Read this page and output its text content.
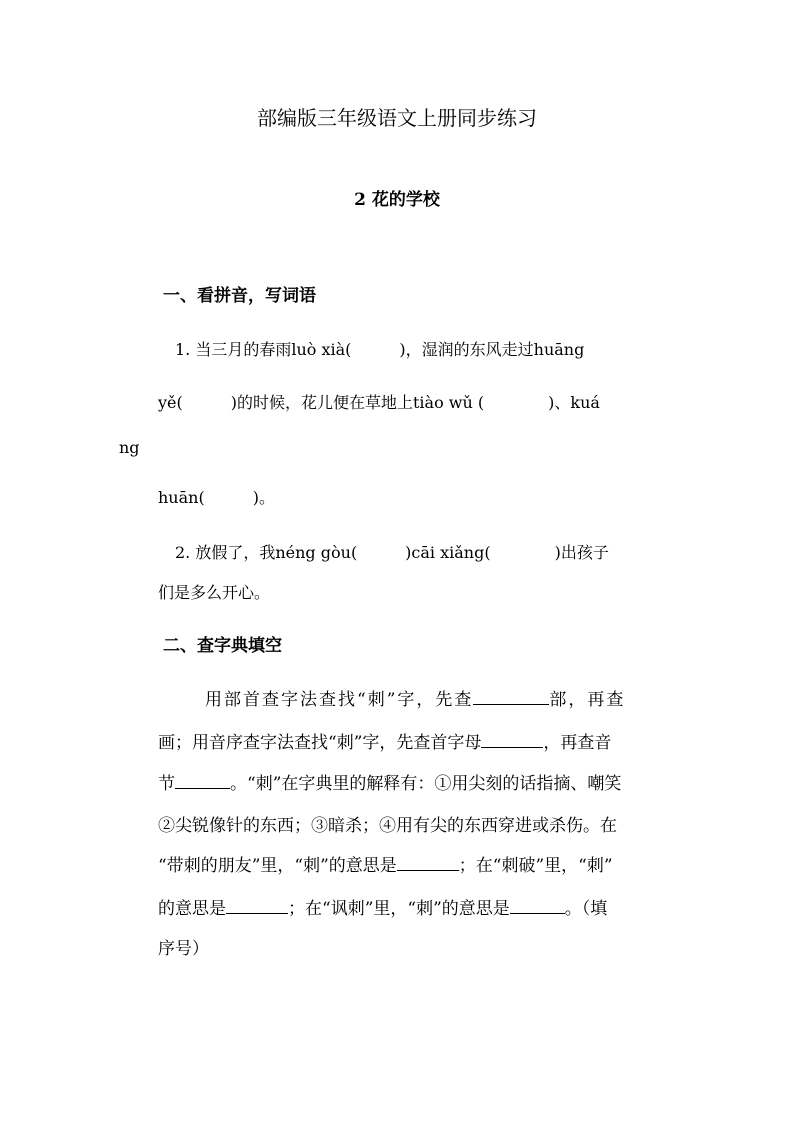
部编版三年级语文上册同步练习
2 花的学校
一、看拼音，写词语
1. 当三月的春雨luò xià(　　　)，湿润的东风走过huāng
yě(　　　)的时候，花儿便在草地上tiào wǔ (　　　　)、kuá
ng
huān(　　　)。
2. 放假了，我néng gòu(　　　)cāi xiǎng(　　　　)出孩子
们是多么开心。
二、查字典填空
用部首查字法查找“刺”字，先查	部，再查
画；用音序查字法查找“刺”字，先查首字母	，再查音
节	。“刺”在字典里的解释有：①用尖刻的话指摘、嘲笑
②尖锐像针的东西；③暗杀；④用有尖的东西穿进或杀伤。在
“带刺的朋友”里，“刺”的意思是	；在“刺破”里，“刺”
的意思是	；在“讽刺”里，“刺”的意思是	。（填
序号）
